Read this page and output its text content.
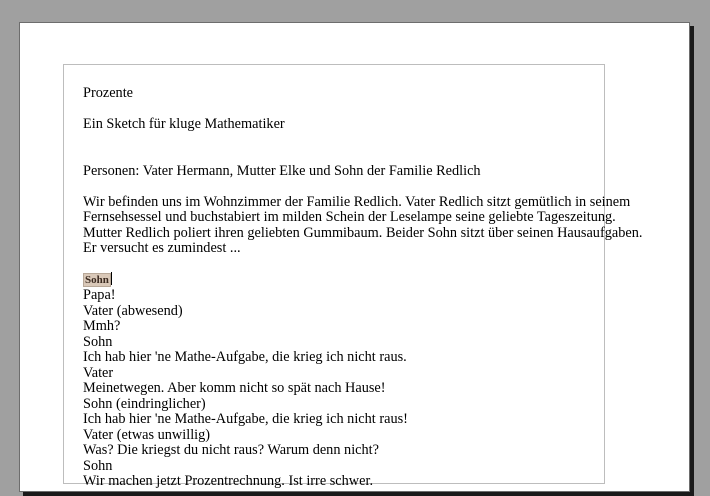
Prozente

Ein Sketch für kluge Mathematiker

Personen: Vater Hermann, Mutter Elke und Sohn der Familie Redlich

Wir befinden uns im Wohnzimmer der Familie Redlich. Vater Redlich sitzt gemütlich in seinem

Fernsehsessel und buchstabiert im milden Schein der Leselampe seine geliebte Tageszeitung.

Mutter Redlich poliert ihren geliebten Gummibaum. Beider Sohn sitzt über seinen Hausaufgaben.

Er versucht es zumindest ...

Sohn

Papa!

Vater (abwesend)

Mmh?

Sohn

Ich hab hier 'ne Mathe-Aufgabe, die krieg ich nicht raus.

Vater

Meinetwegen. Aber komm nicht so spät nach Hause!

Sohn (eindringlicher)

Ich hab hier 'ne Mathe-Aufgabe, die krieg ich nicht raus!

Vater (etwas unwillig)

Was? Die kriegst du nicht raus? Warum denn nicht?

Sohn

Wir machen jetzt Prozentrechnung. Ist irre schwer.
